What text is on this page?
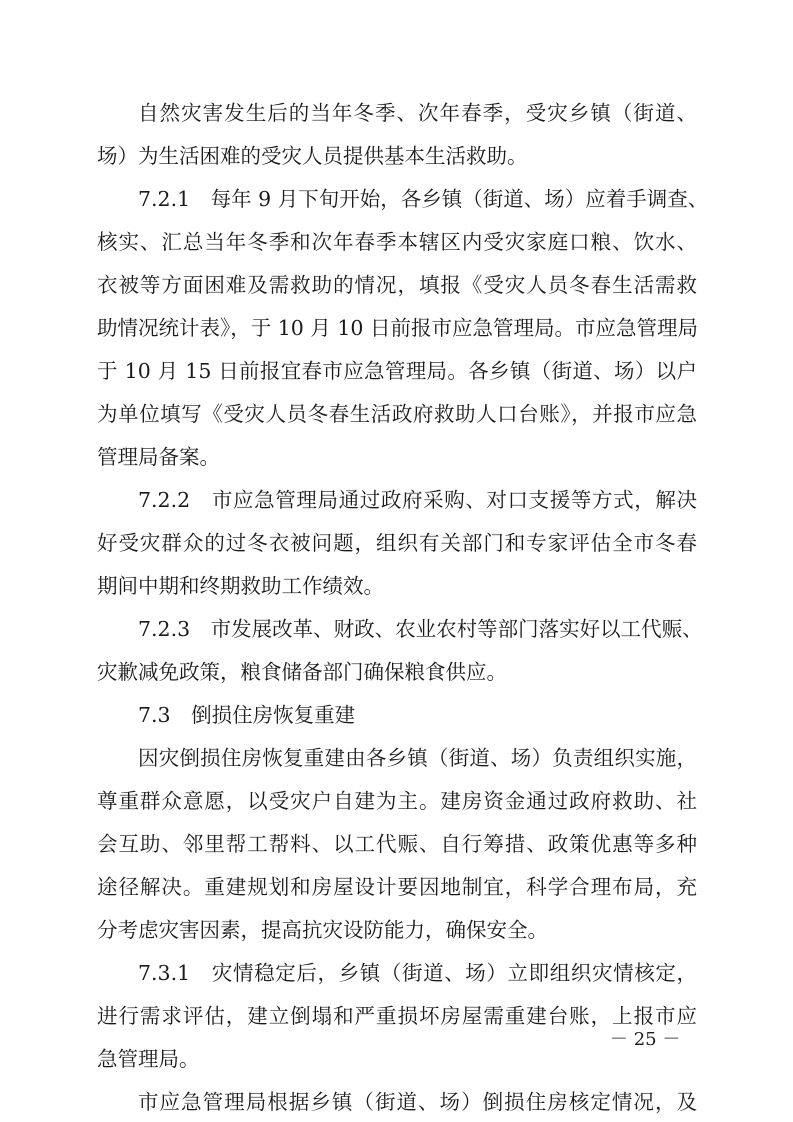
自然灾害发生后的当年冬季、次年春季，受灾乡镇（街道、
场）为生活困难的受灾人员提供基本生活救助。
7.2.1　每年 9 月下旬开始，各乡镇（街道、场）应着手调查、
核实、汇总当年冬季和次年春季本辖区内受灾家庭口粮、饮水、
衣被等方面困难及需救助的情况，填报《受灾人员冬春生活需救
助情况统计表》，于 10 月 10 日前报市应急管理局。市应急管理局
于 10 月 15 日前报宜春市应急管理局。各乡镇（街道、场）以户
为单位填写《受灾人员冬春生活政府救助人口台账》，并报市应急
管理局备案。
7.2.2　市应急管理局通过政府采购、对口支援等方式，解决
好受灾群众的过冬衣被问题，组织有关部门和专家评估全市冬春
期间中期和终期救助工作绩效。
7.2.3　市发展改革、财政、农业农村等部门落实好以工代赈、
灾歉减免政策，粮食储备部门确保粮食供应。
7.3　倒损住房恢复重建
因灾倒损住房恢复重建由各乡镇（街道、场）负责组织实施，
尊重群众意愿，以受灾户自建为主。建房资金通过政府救助、社
会互助、邻里帮工帮料、以工代赈、自行筹措、政策优惠等多种
途径解决。重建规划和房屋设计要因地制宜，科学合理布局，充
分考虑灾害因素，提高抗灾设防能力，确保安全。
7.3.1　灾情稳定后，乡镇（街道、场）立即组织灾情核定，
进行需求评估，建立倒塌和严重损坏房屋需重建台账，上报市应
急管理局。
市应急管理局根据乡镇（街道、场）倒损住房核定情况，及
－ 25 －
